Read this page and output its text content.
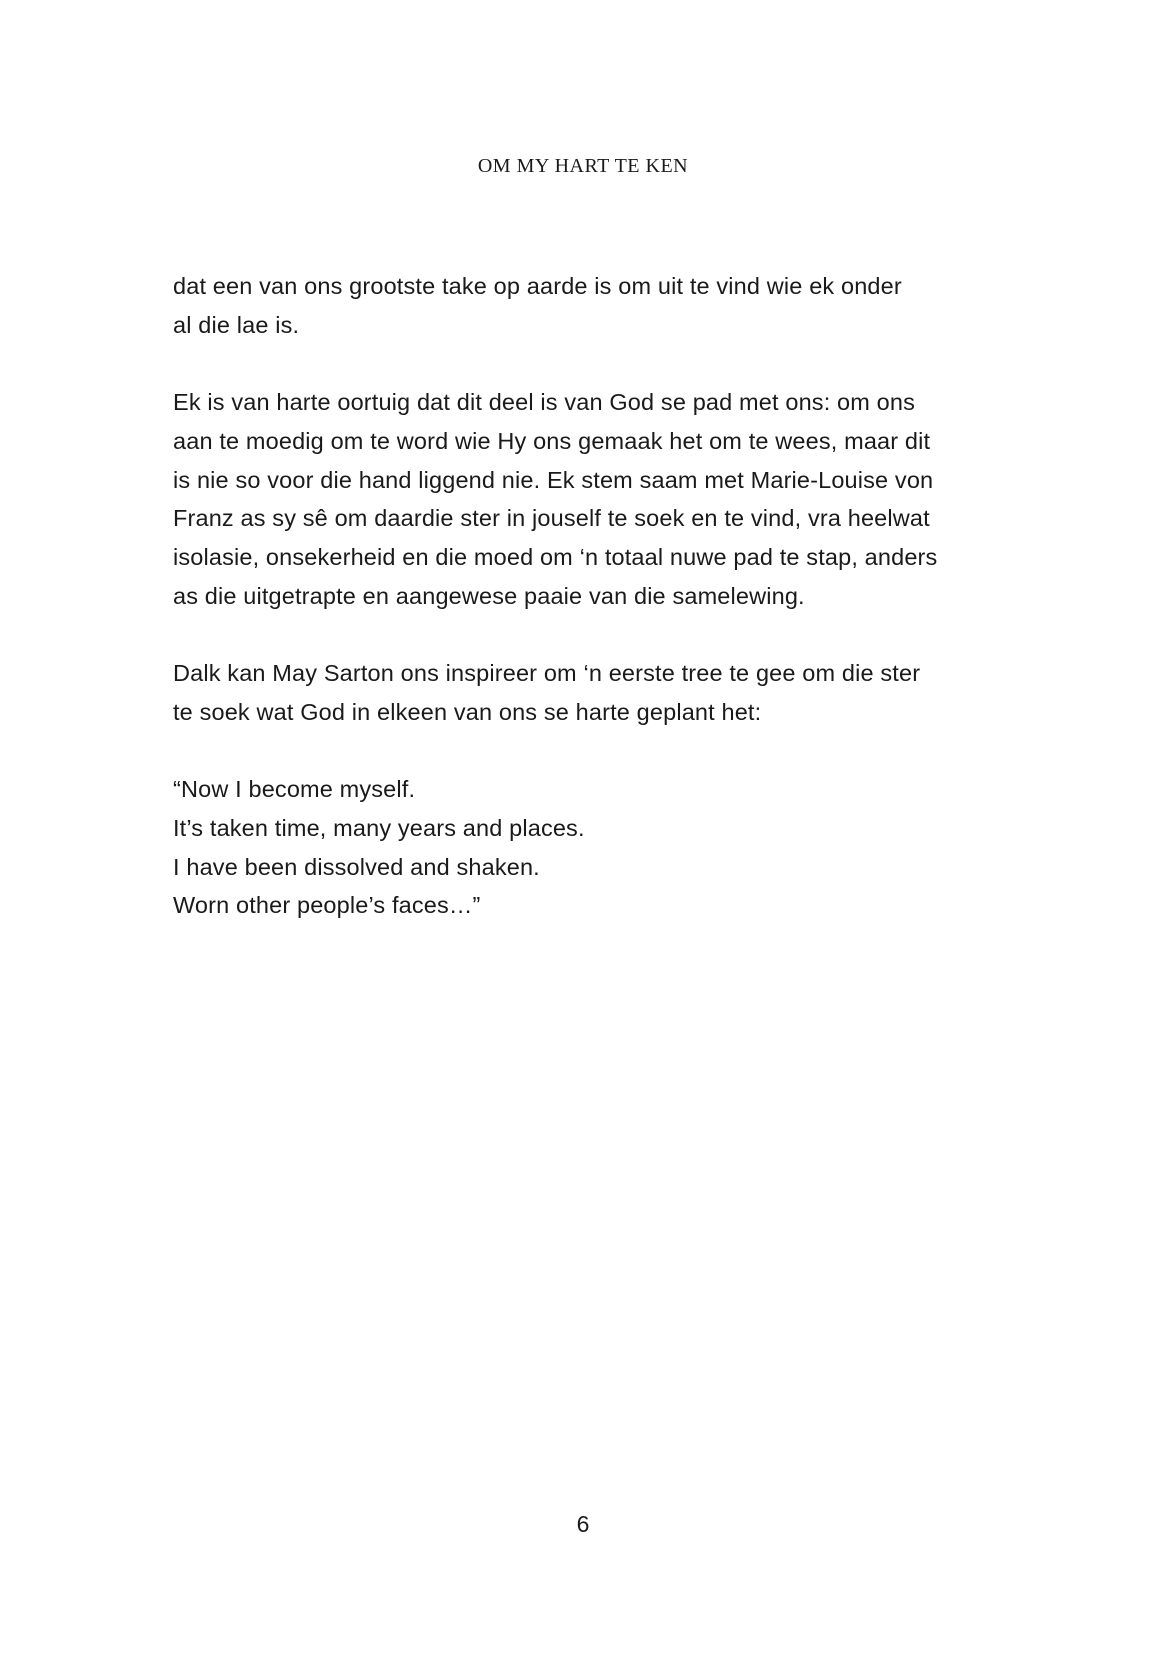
OM MY HART TE KEN

dat een van ons grootste take op aarde is om uit te vind wie ek onder
al die lae is.

Ek is van harte oortuig dat dit deel is van God se pad met ons: om ons
aan te moedig om te word wie Hy ons gemaak het om te wees, maar dit
is nie so voor die hand liggend nie. Ek stem saam met Marie-Louise von
Franz as sy sê om daardie ster in jouself te soek en te vind, vra heelwat
isolasie, onsekerheid en die moed om ‘n totaal nuwe pad te stap, anders
as die uitgetrapte en aangewese paaie van die samelewing.

Dalk kan May Sarton ons inspireer om ‘n eerste tree te gee om die ster
te soek wat God in elkeen van ons se harte geplant het:

“Now I become myself.
It’s taken time, many years and places.
I have been dissolved and shaken.
Worn other people’s faces…”
6
